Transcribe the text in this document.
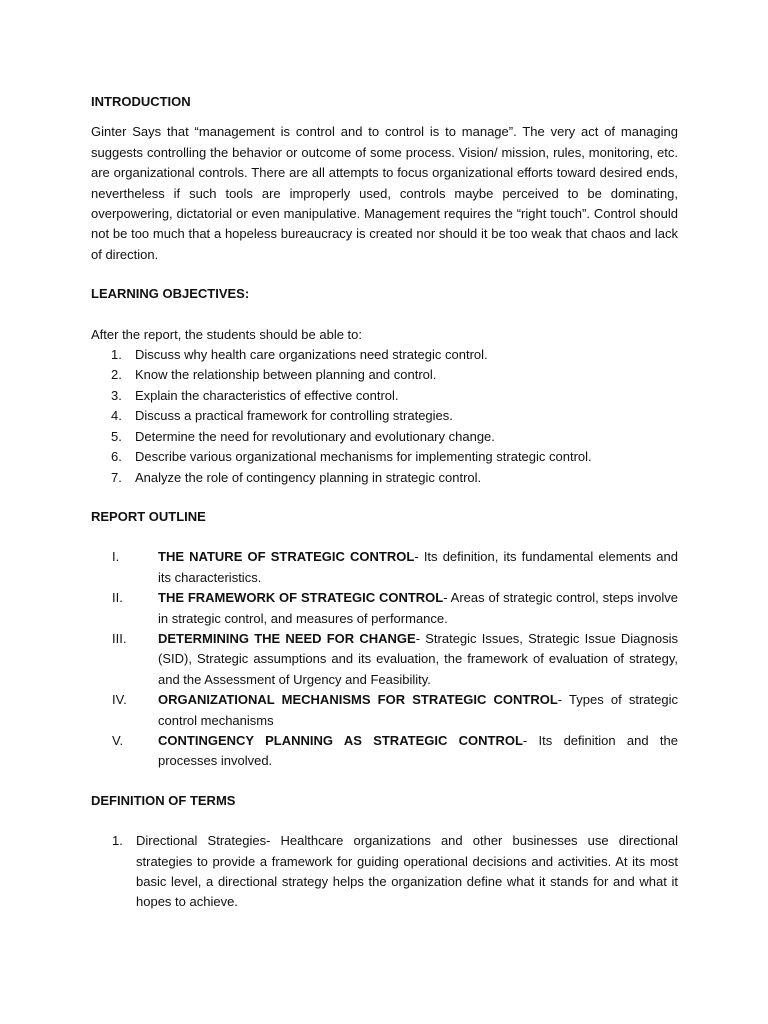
INTRODUCTION

Ginter Says that “management is control and to control is to manage”. The very act of managing suggests controlling the behavior or outcome of some process. Vision/ mission, rules, monitoring, etc. are organizational controls. There are all attempts to focus organizational efforts toward desired ends, nevertheless if such tools are improperly used, controls maybe perceived to be dominating, overpowering, dictatorial or even manipulative. Management requires the “right touch”. Control should not be too much that a hopeless bureaucracy is created nor should it be too weak that chaos and lack of direction.

LEARNING OBJECTIVES:

After the report, the students should be able to:

1.	Discuss why health care organizations need strategic control.
2.	Know the relationship between planning and control.
3.	Explain the characteristics of effective control.
4.	Discuss a practical framework for controlling strategies.
5.	Determine the need for revolutionary and evolutionary change.
6.	Describe various organizational mechanisms for implementing strategic control.
7.	Analyze the role of contingency planning in strategic control.

REPORT OUTLINE

I.	THE NATURE OF STRATEGIC CONTROL- Its definition, its fundamental elements and its characteristics.
II.	THE FRAMEWORK OF STRATEGIC CONTROL- Areas of strategic control, steps involve in strategic control, and measures of performance.
III.	DETERMINING THE NEED FOR CHANGE- Strategic Issues, Strategic Issue Diagnosis (SID), Strategic assumptions and its evaluation, the framework of evaluation of strategy, and the Assessment of Urgency and Feasibility.
IV.	ORGANIZATIONAL MECHANISMS FOR STRATEGIC CONTROL- Types of strategic control mechanisms
V.	CONTINGENCY PLANNING AS STRATEGIC CONTROL- Its definition and the processes involved.

DEFINITION OF TERMS

1.	Directional Strategies- Healthcare organizations and other businesses use directional strategies to provide a framework for guiding operational decisions and activities. At its most basic level, a directional strategy helps the organization define what it stands for and what it hopes to achieve.
